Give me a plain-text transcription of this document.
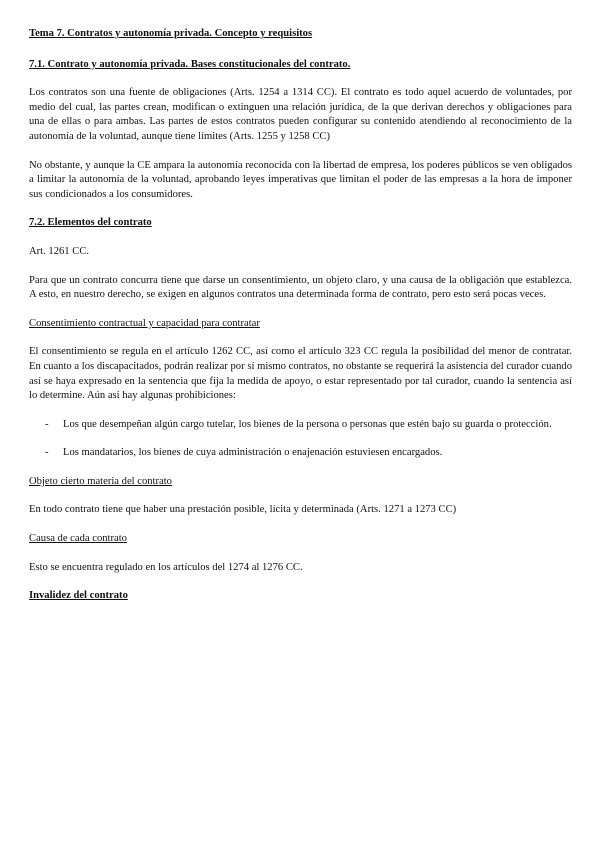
Tema 7. Contratos y autonomía privada. Concepto y requisitos
7.1. Contrato y autonomía privada. Bases constitucionales del contrato.

Los contratos son una fuente de obligaciones (Arts. 1254 a 1314 CC). El contrato es todo aquel acuerdo de voluntades, por medio del cual, las partes crean, modifican o extinguen una relación jurídica, de la que derivan derechos y obligaciones para una de ellas o para ambas. Las partes de estos contratos pueden configurar su contenido atendiendo al reconocimiento de la autonomía de la voluntad, aunque tiene límites (Arts. 1255 y 1258 CC)

No obstante, y aunque la CE ampara la autonomía reconocida con la libertad de empresa, los poderes públicos se ven obligados a limitar la autonomía de la voluntad, aprobando leyes imperativas que limitan el poder de las empresas a la hora de imponer sus condicionados a los consumidores.

7.2. Elementos del contrato

Art. 1261 CC.

Para que un contrato concurra tiene que darse un consentimiento, un objeto claro, y una causa de la obligación que establezca. A esto, en nuestro derecho, se exigen en algunos contratos una determinada forma de contrato, pero esto será pocas veces.

Consentimiento contractual y capacidad para contratar

El consentimiento se regula en el artículo 1262 CC, así como el artículo 323 CC regula la posibilidad del menor de contratar. En cuanto a los discapacitados, podrán realizar por sí mismo contratos, no obstante se requerirá la asistencia del curador cuando así se haya expresado en la sentencia que fija la medida de apoyo, o estar representado por tal curador, cuando la sentencia así lo determine. Aún así hay algunas prohibiciones:

- Los que desempeñan algún cargo tutelar, los bienes de la persona o personas que estén bajo su guarda o protección.
- Los mandatarios, los bienes de cuya administración o enajenación estuviesen encargados.
Objeto cierto materia del contrato

En todo contrato tiene que haber una prestación posible, lícita y determinada (Arts. 1271 a 1273 CC)

Causa de cada contrato

Esto se encuentra regulado en los artículos del 1274 al 1276 CC.

Invalidez del contrato
